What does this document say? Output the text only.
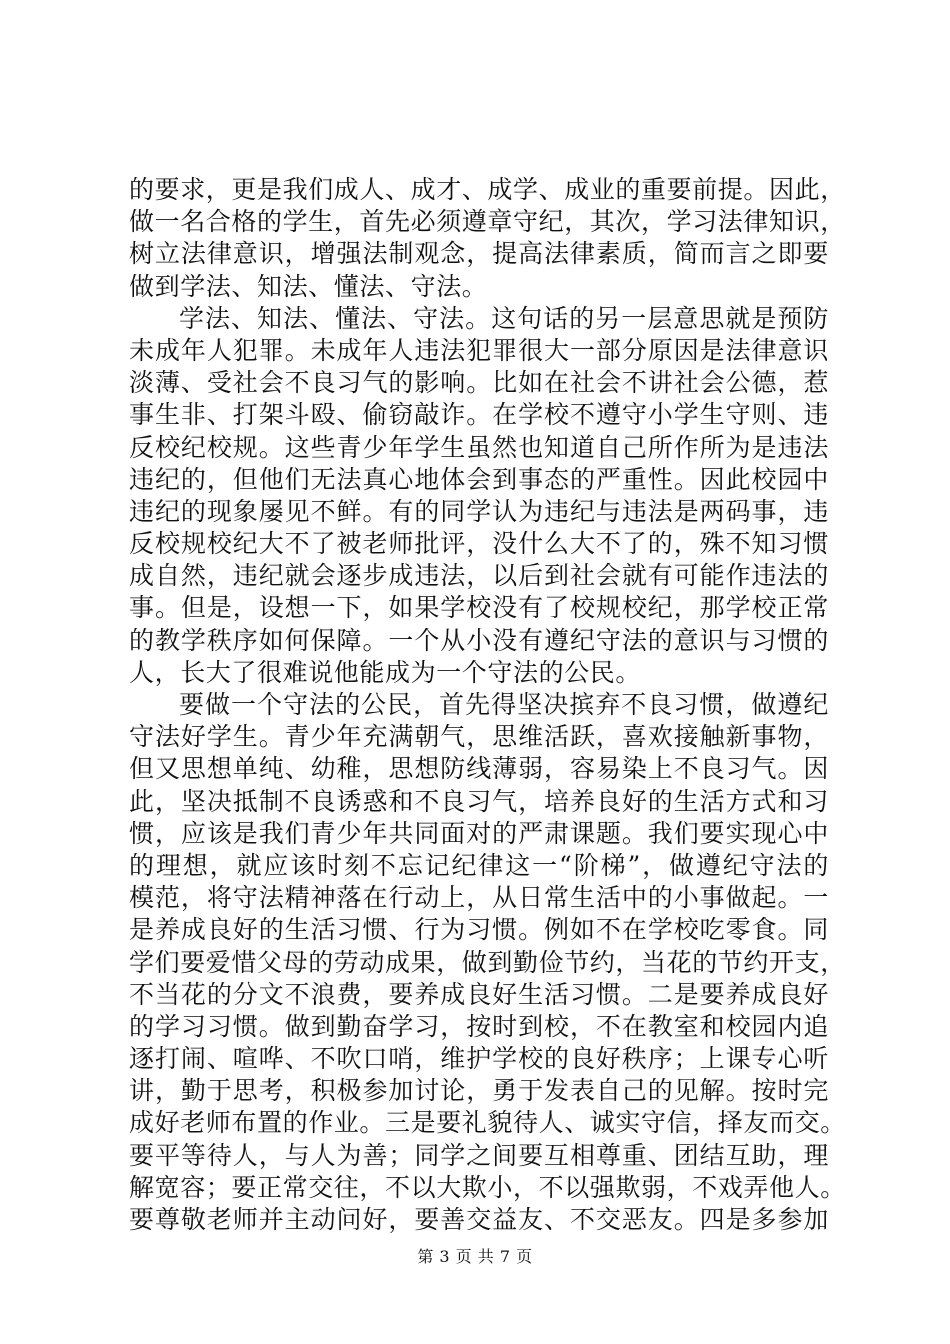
的要求，更是我们成人、成才、成学、成业的重要前提。因此，
做一名合格的学生，首先必须遵章守纪，其次，学习法律知识，
树立法律意识，增强法制观念，提高法律素质，简而言之即要
做到学法、知法、懂法、守法。
学法、知法、懂法、守法。这句话的另一层意思就是预防
未成年人犯罪。未成年人违法犯罪很大一部分原因是法律意识
淡薄、受社会不良习气的影响。比如在社会不讲社会公德，惹
事生非、打架斗殴、偷窃敲诈。在学校不遵守小学生守则、违
反校纪校规。这些青少年学生虽然也知道自己所作所为是违法
违纪的，但他们无法真心地体会到事态的严重性。因此校园中
违纪的现象屡见不鲜。有的同学认为违纪与违法是两码事，违
反校规校纪大不了被老师批评，没什么大不了的，殊不知习惯
成自然，违纪就会逐步成违法，以后到社会就有可能作违法的
事。但是，设想一下，如果学校没有了校规校纪，那学校正常
的教学秩序如何保障。一个从小没有遵纪守法的意识与习惯的
人，长大了很难说他能成为一个守法的公民。
要做一个守法的公民，首先得坚决摈弃不良习惯，做遵纪
守法好学生。青少年充满朝气，思维活跃，喜欢接触新事物，
但又思想单纯、幼稚，思想防线薄弱，容易染上不良习气。因
此，坚决抵制不良诱惑和不良习气，培养良好的生活方式和习
惯，应该是我们青少年共同面对的严肃课题。我们要实现心中
的理想，就应该时刻不忘记纪律这一“阶梯”，做遵纪守法的
模范，将守法精神落在行动上，从日常生活中的小事做起。一
是养成良好的生活习惯、行为习惯。例如不在学校吃零食。同
学们要爱惜父母的劳动成果，做到勤俭节约，当花的节约开支，
不当花的分文不浪费，要养成良好生活习惯。二是要养成良好
的学习习惯。做到勤奋学习，按时到校，不在教室和校园内追
逐打闹、喧哗、不吹口哨，维护学校的良好秩序；上课专心听
讲，勤于思考，积极参加讨论，勇于发表自己的见解。按时完
成好老师布置的作业。三是要礼貌待人、诚实守信，择友而交。
要平等待人，与人为善；同学之间要互相尊重、团结互助，理
解宽容；要正常交往，不以大欺小，不以强欺弱，不戏弄他人。
要尊敬老师并主动问好，要善交益友、不交恶友。四是多参加
第 3 页 共 7 页
